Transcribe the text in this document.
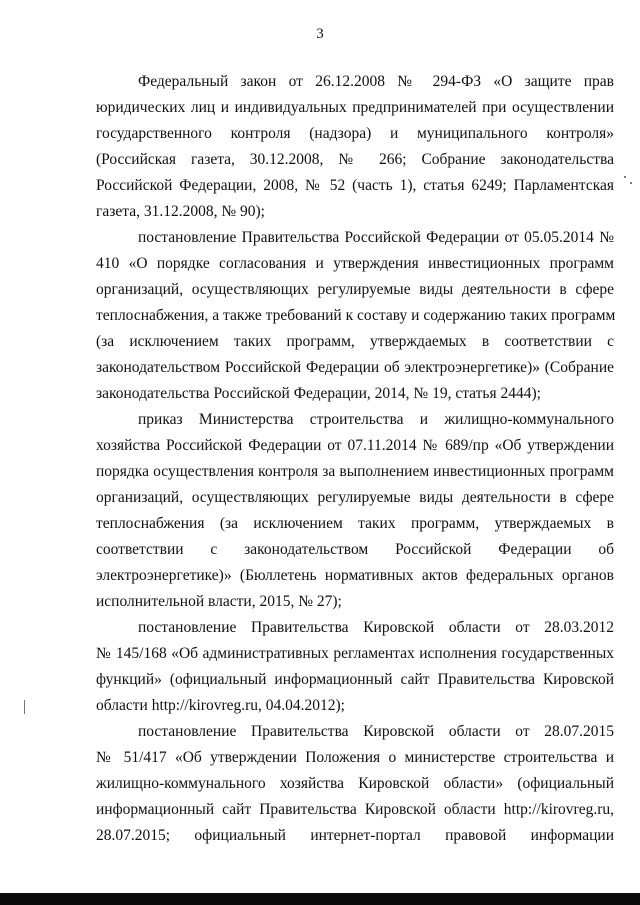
3
Федеральный закон от 26.12.2008 № 294-ФЗ «О защите прав
юридических лиц и индивидуальных предпринимателей при осуществлении
государственного контроля (надзора) и муниципального контроля»
(Российская газета, 30.12.2008, № 266; Собрание законодательства
Российской Федерации, 2008, № 52 (часть 1), статья 6249; Парламентская
газета, 31.12.2008, № 90);
постановление Правительства Российской Федерации от 05.05.2014 №
410 «О порядке согласования и утверждения инвестиционных программ
организаций, осуществляющих регулируемые виды деятельности в сфере
теплоснабжения, а также требований к составу и содержанию таких программ
(за исключением таких программ, утверждаемых в соответствии с
законодательством Российской Федерации об электроэнергетике)» (Собрание
законодательства Российской Федерации, 2014, № 19, статья 2444);
приказ Министерства строительства и жилищно-коммунального
хозяйства Российской Федерации от 07.11.2014 № 689/пр «Об утверждении
порядка осуществления контроля за выполнением инвестиционных программ
организаций, осуществляющих регулируемые виды деятельности в сфере
теплоснабжения (за исключением таких программ, утверждаемых в
соответствии с законодательством Российской Федерации об
электроэнергетике)» (Бюллетень нормативных актов федеральных органов
исполнительной власти, 2015, № 27);
постановление Правительства Кировской области от 28.03.2012
№ 145/168 «Об административных регламентах исполнения государственных
функций» (официальный информационный сайт Правительства Кировской
области http://kirovreg.ru, 04.04.2012);
постановление Правительства Кировской области от 28.07.2015
№ 51/417 «Об утверждении Положения о министерстве строительства и
жилищно-коммунального хозяйства Кировской области» (официальный
информационный сайт Правительства Кировской области http://kirovreg.ru,
28.07.2015; официальный интернет-портал правовой информации
